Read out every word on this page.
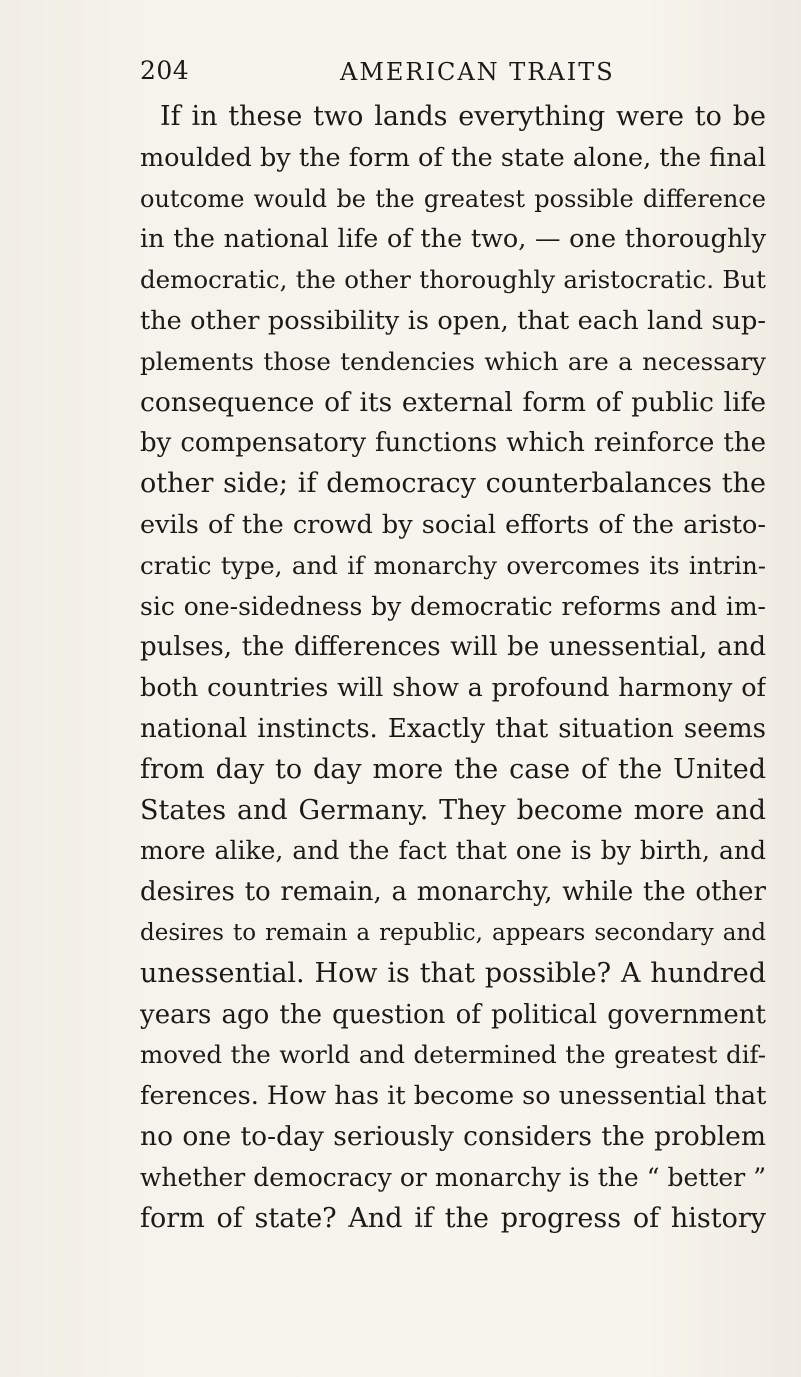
204	AMERICAN TRAITS
If in these two lands everything were to be
moulded by the form of the state alone, the final
outcome would be the greatest possible difference
in the national life of the two, — one thoroughly
democratic, the other thoroughly aristocratic. But
the other possibility is open, that each land sup-
plements those tendencies which are a necessary
consequence of its external form of public life
by compensatory functions which reinforce the
other side; if democracy counterbalances the
evils of the crowd by social efforts of the aristo-
cratic type, and if monarchy overcomes its intrin-
sic one-sidedness by democratic reforms and im-
pulses, the differences will be unessential, and
both countries will show a profound harmony of
national instincts. Exactly that situation seems
from day to day more the case of the United
States and Germany. They become more and
more alike, and the fact that one is by birth, and
desires to remain, a monarchy, while the other
desires to remain a republic, appears secondary and
unessential. How is that possible? A hundred
years ago the question of political government
moved the world and determined the greatest dif-
ferences. How has it become so unessential that
no one to-day seriously considers the problem
whether democracy or monarchy is the “ better ”
form of state? And if the progress of history
